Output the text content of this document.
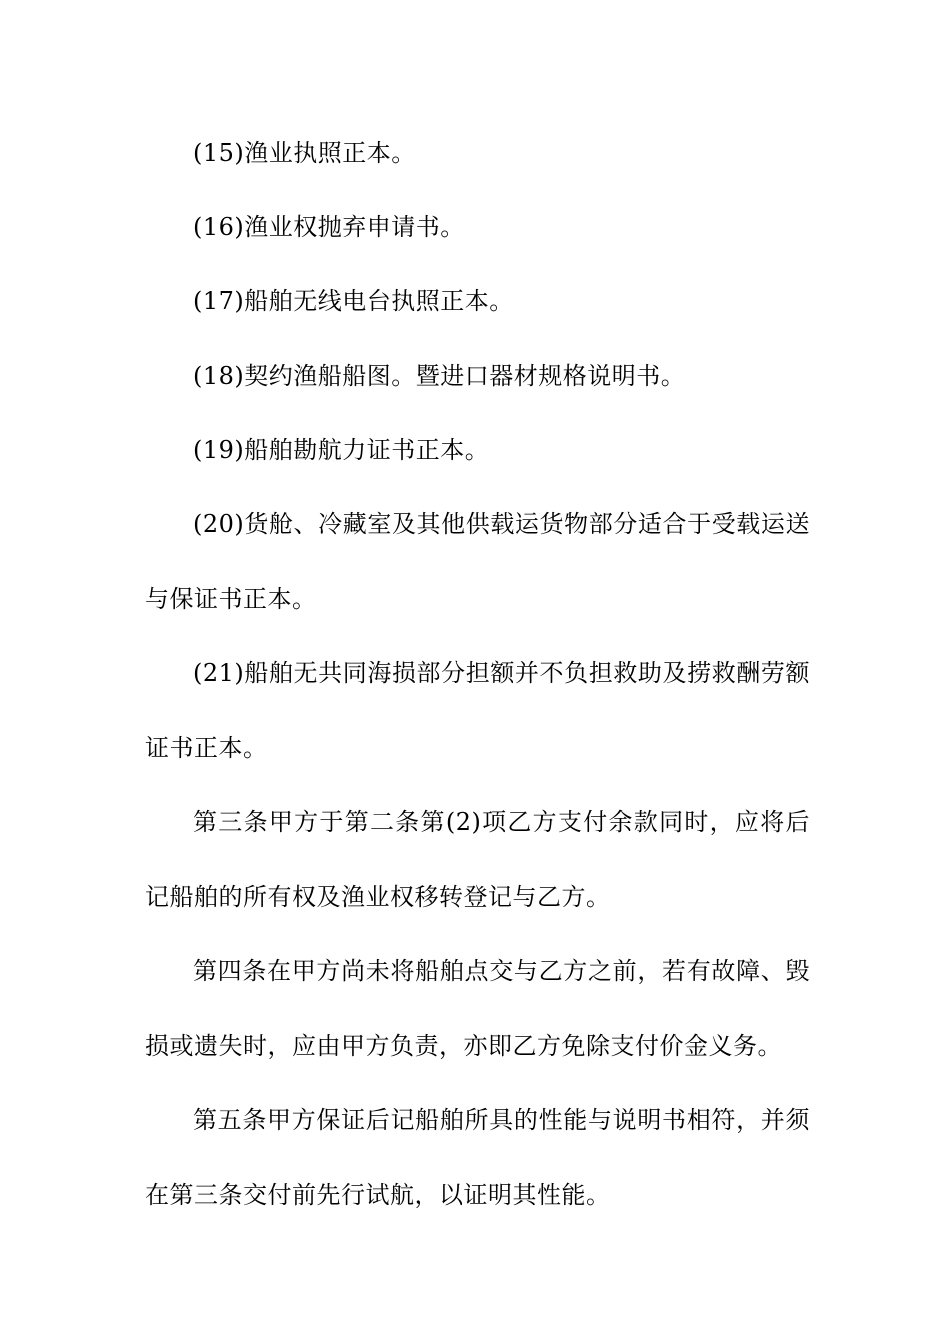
(15)渔业执照正本。

(16)渔业权抛弃申请书。

(17)船舶无线电台执照正本。

(18)契约渔船船图。暨进口器材规格说明书。

(19)船舶勘航力证书正本。

(20)货舱、冷藏室及其他供载运货物部分适合于受载运送与保证书正本。

(21)船舶无共同海损部分担额并不负担救助及捞救酬劳额证书正本。

第三条甲方于第二条第(2)项乙方支付余款同时，应将后记船舶的所有权及渔业权移转登记与乙方。

第四条在甲方尚未将船舶点交与乙方之前，若有故障、毁损或遗失时，应由甲方负责，亦即乙方免除支付价金义务。

第五条甲方保证后记船舶所具的性能与说明书相符，并须在第三条交付前先行试航，以证明其性能。
